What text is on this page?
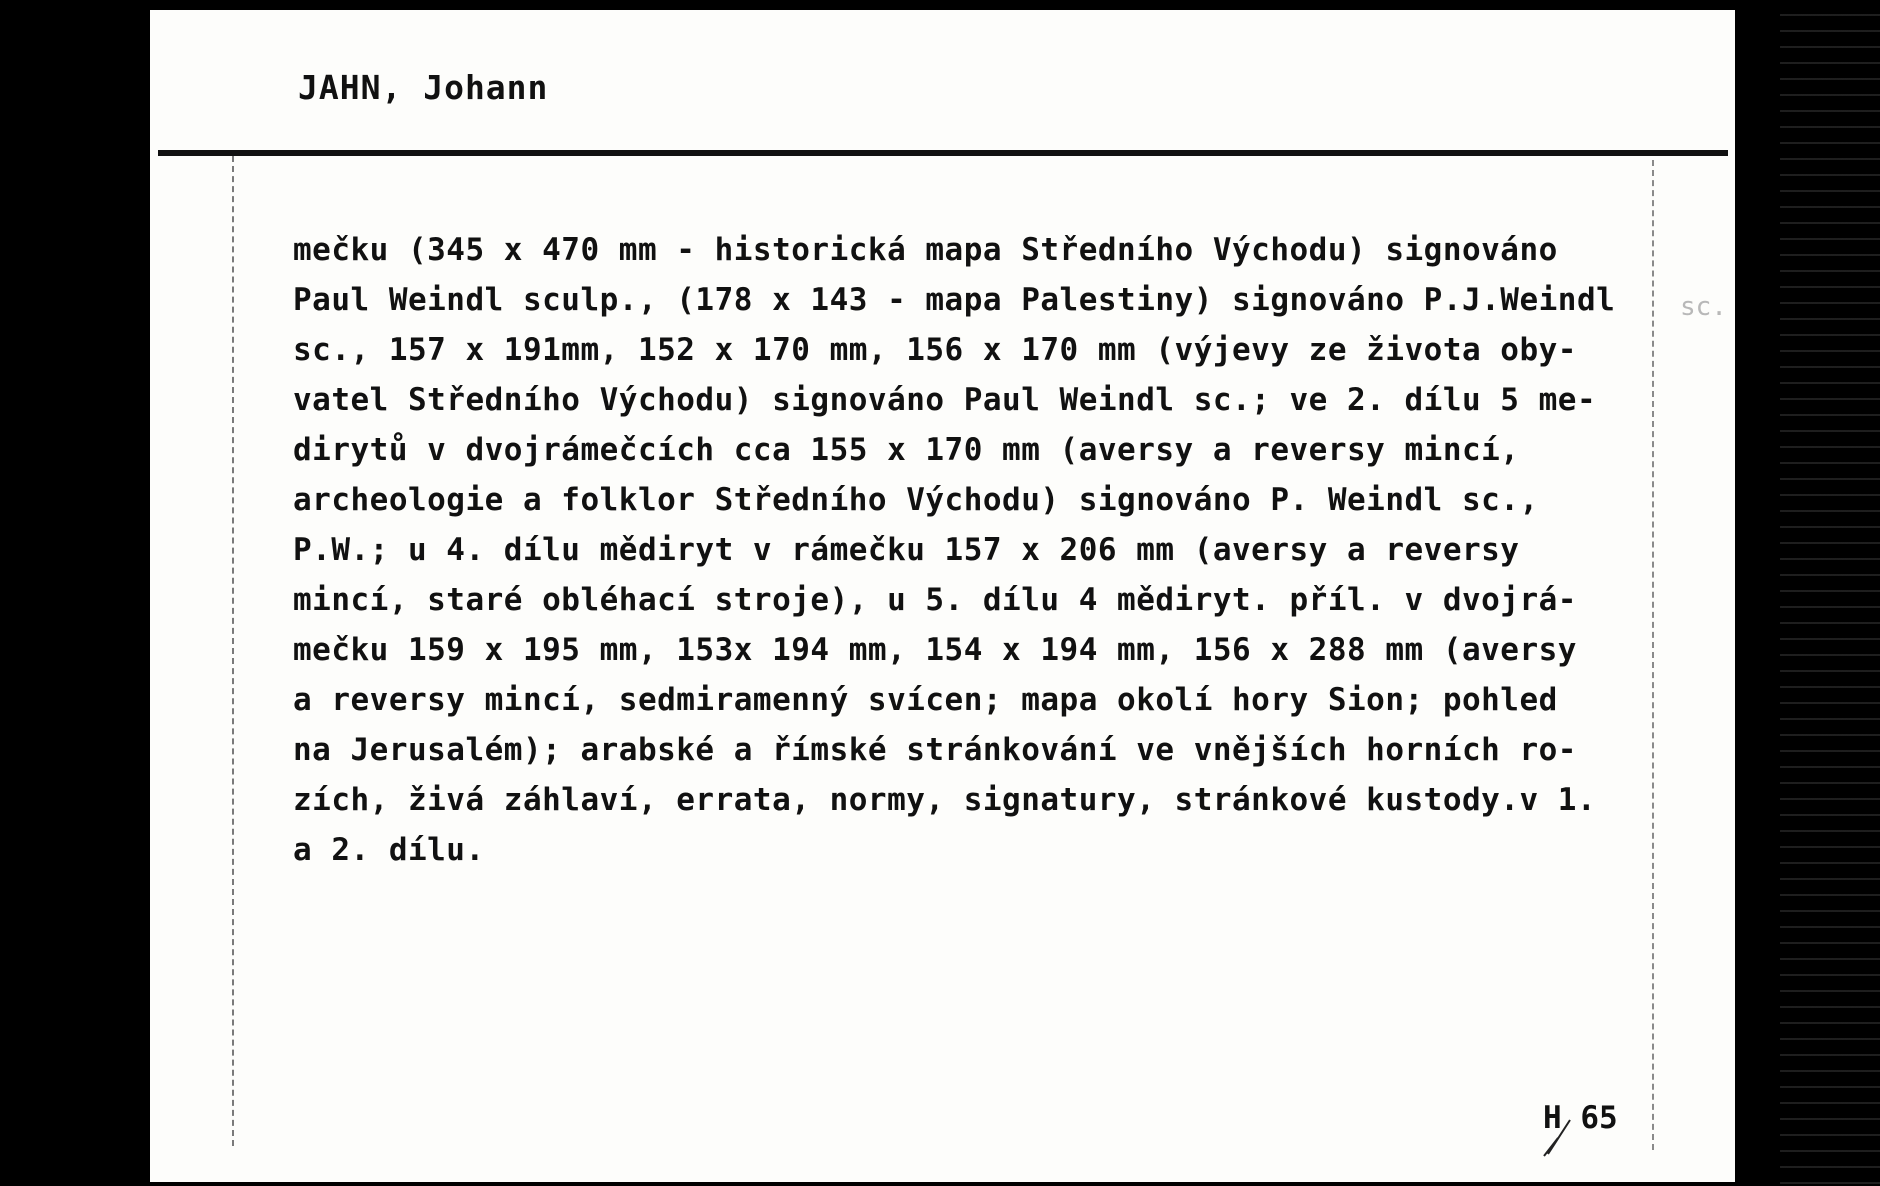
JAHN, Johann
mečku (345 x 470 mm - historická mapa Středního Východu) signováno
Paul Weindl sculp., (178 x 143 - mapa Palestiny) signováno P.J.Weindl
sc., 157 x 191mm, 152 x 170 mm, 156 x 170 mm (výjevy ze života oby-
vatel Středního Východu) signováno Paul Weindl sc.; ve 2. dílu 5 me-
dirytů v dvojrámečcích cca 155 x 170 mm (aversy a reversy mincí,
archeologie a folklor Středního Východu) signováno P. Weindl sc.,
P.W.; u 4. dílu mědiryt v rámečku 157 x 206 mm (aversy a reversy
mincí, staré obléhací stroje), u 5. dílu 4 mědiryt. příl. v dvojrá-
mečku 159 x 195 mm, 153x 194 mm, 154 x 194 mm, 156 x 288 mm (aversy
a reversy mincí, sedmiramenný svícen; mapa okolí hory Sion; pohled
na Jerusalém); arabské a římské stránkování ve vnějších horních ro-
zích, živá záhlaví, errata, normy, signatury, stránkové kustody.v 1.
a 2. dílu.
sc.
H 65
